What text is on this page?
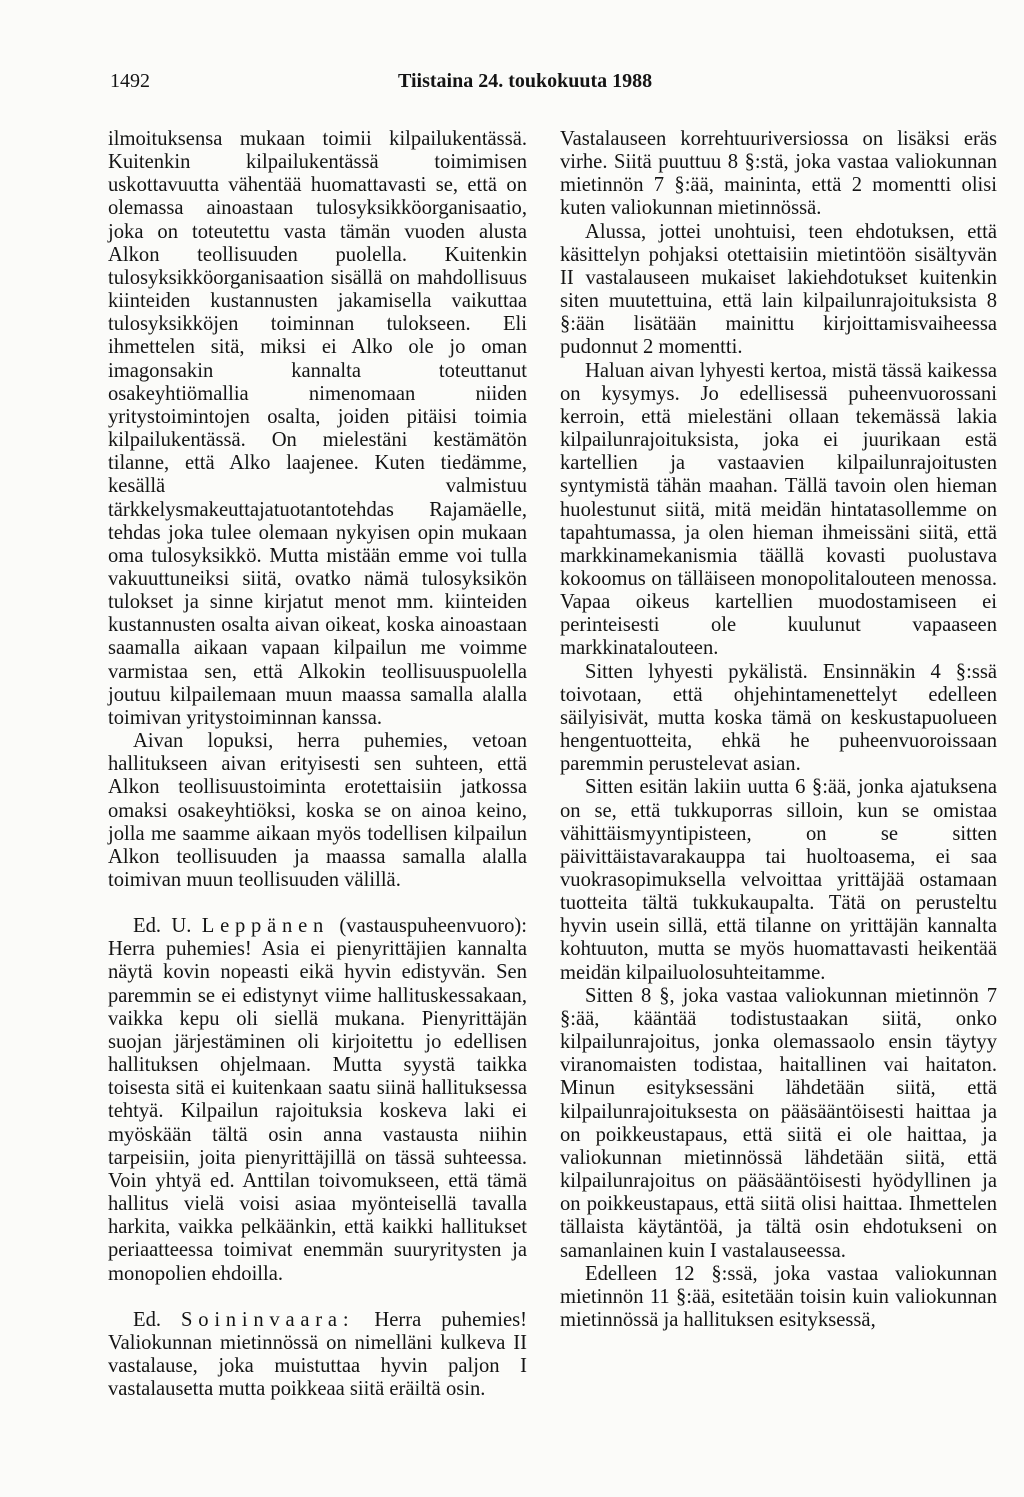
1492	Tiistaina 24. toukokuuta 1988

ilmoituksensa mukaan toimii kilpailukentässä. Kuitenkin kilpailukentässä toimimisen uskottavuutta vähentää huomattavasti se, että on olemassa ainoastaan tulosyksikköorganisaatio, joka on toteutettu vasta tämän vuoden alusta Alkon teollisuuden puolella. Kuitenkin tulosyksikköorganisaation sisällä on mahdollisuus kiinteiden kustannusten jakamisella vaikuttaa tulosyksikköjen toiminnan tulokseen. Eli ihmettelen sitä, miksi ei Alko ole jo oman imagonsakin kannalta toteuttanut osakeyhtiömallia nimenomaan niiden yritystoimintojen osalta, joiden pitäisi toimia kilpailukentässä. On mielestäni kestämätön tilanne, että Alko laajenee. Kuten tiedämme, kesällä valmistuu tärkkelysmakeuttajatuotantotehdas Rajamäelle, tehdas joka tulee olemaan nykyisen opin mukaan oma tulosyksikkö. Mutta mistään emme voi tulla vakuuttuneiksi siitä, ovatko nämä tulosyksikön tulokset ja sinne kirjatut menot mm. kiinteiden kustannusten osalta aivan oikeat, koska ainoastaan saamalla aikaan vapaan kilpailun me voimme varmistaa sen, että Alkokin teollisuuspuolella joutuu kilpailemaan muun maassa samalla alalla toimivan yritystoiminnan kanssa.

Aivan lopuksi, herra puhemies, vetoan hallitukseen aivan erityisesti sen suhteen, että Alkon teollisuustoiminta erotettaisiin jatkossa omaksi osakeyhtiöksi, koska se on ainoa keino, jolla me saamme aikaan myös todellisen kilpailun Alkon teollisuuden ja maassa samalla alalla toimivan muun teollisuuden välillä.

Ed. U. Leppänen (vastauspuheenvuoro): Herra puhemies! Asia ei pienyrittäjien kannalta näytä kovin nopeasti eikä hyvin edistyvän. Sen paremmin se ei edistynyt viime hallituskessakaan, vaikka kepu oli siellä mukana. Pienyrittäjän suojan järjestäminen oli kirjoitettu jo edellisen hallituksen ohjelmaan. Mutta syystä taikka toisesta sitä ei kuitenkaan saatu siinä hallituksessa tehtyä. Kilpailun rajoituksia koskeva laki ei myöskään tältä osin anna vastausta niihin tarpeisiin, joita pienyrittäjillä on tässä suhteessa. Voin yhtyä ed. Anttilan toivomukseen, että tämä hallitus vielä voisi asiaa myönteisellä tavalla harkita, vaikka pelkäänkin, että kaikki hallitukset periaatteessa toimivat enemmän suuryritysten ja monopolien ehdoilla.

Ed. Soininvaara: Herra puhemies! Valiokunnan mietinnössä on nimelläni kulkeva II vastalause, joka muistuttaa hyvin paljon I vastalausetta mutta poikkeaa siitä eräiltä osin.

Vastalauseen korrehtuuriversiossa on lisäksi eräs virhe. Siitä puuttuu 8 §:stä, joka vastaa valiokunnan mietinnön 7 §:ää, maininta, että 2 momentti olisi kuten valiokunnan mietinnössä.

Alussa, jottei unohtuisi, teen ehdotuksen, että käsittelyn pohjaksi otettaisiin mietintöön sisältyvän II vastalauseen mukaiset lakiehdotukset kuitenkin siten muutettuina, että lain kilpailunrajoituksista 8 §:ään lisätään mainittu kirjoittamisvaiheessa pudonnut 2 momentti.

Haluan aivan lyhyesti kertoa, mistä tässä kaikessa on kysymys. Jo edellisessä puheenvuorossani kerroin, että mielestäni ollaan tekemässä lakia kilpailunrajoituksista, joka ei juurikaan estä kartellien ja vastaavien kilpailunrajoitusten syntymistä tähän maahan. Tällä tavoin olen hieman huolestunut siitä, mitä meidän hintatasollemme on tapahtumassa, ja olen hieman ihmeissäni siitä, että markkinamekanismia täällä kovasti puolustava kokoomus on tälläiseen monopolitalouteen menossa. Vapaa oikeus kartellien muodostamiseen ei perinteisesti ole kuulunut vapaaseen markkinatalouteen.

Sitten lyhyesti pykälistä. Ensinnäkin 4 §:ssä toivotaan, että ohjehintamenettelyt edelleen säilyisivät, mutta koska tämä on keskustapuolueen hengentuotteita, ehkä he puheenvuoroissaan paremmin perustelevat asian.

Sitten esitän lakiin uutta 6 §:ää, jonka ajatuksena on se, että tukkuporras silloin, kun se omistaa vähittäismyyntipisteen, on se sitten päivittäistavarakauppa tai huoltoasema, ei saa vuokrasopimuksella velvoittaa yrittäjää ostamaan tuotteita tältä tukkukaupalta. Tätä on perusteltu hyvin usein sillä, että tilanne on yrittäjän kannalta kohtuuton, mutta se myös huomattavasti heikentää meidän kilpailuolosuhteitamme.

Sitten 8 §, joka vastaa valiokunnan mietinnön 7 §:ää, kääntää todistustaakan siitä, onko kilpailunrajoitus, jonka olemassaolo ensin täytyy viranomaisten todistaa, haitallinen vai haitaton. Minun esityksessäni lähdetään siitä, että kilpailunrajoituksesta on pääsääntöisesti haittaa ja on poikkeustapaus, että siitä ei ole haittaa, ja valiokunnan mietinnössä lähdetään siitä, että kilpailunrajoitus on pääsääntöisesti hyödyllinen ja on poikkeustapaus, että siitä olisi haittaa. Ihmettelen tällaista käytäntöä, ja tältä osin ehdotukseni on samanlainen kuin I vastalauseessa.

Edelleen 12 §:ssä, joka vastaa valiokunnan mietinnön 11 §:ää, esitetään toisin kuin valiokunnan mietinnössä ja hallituksen esityksessä,
